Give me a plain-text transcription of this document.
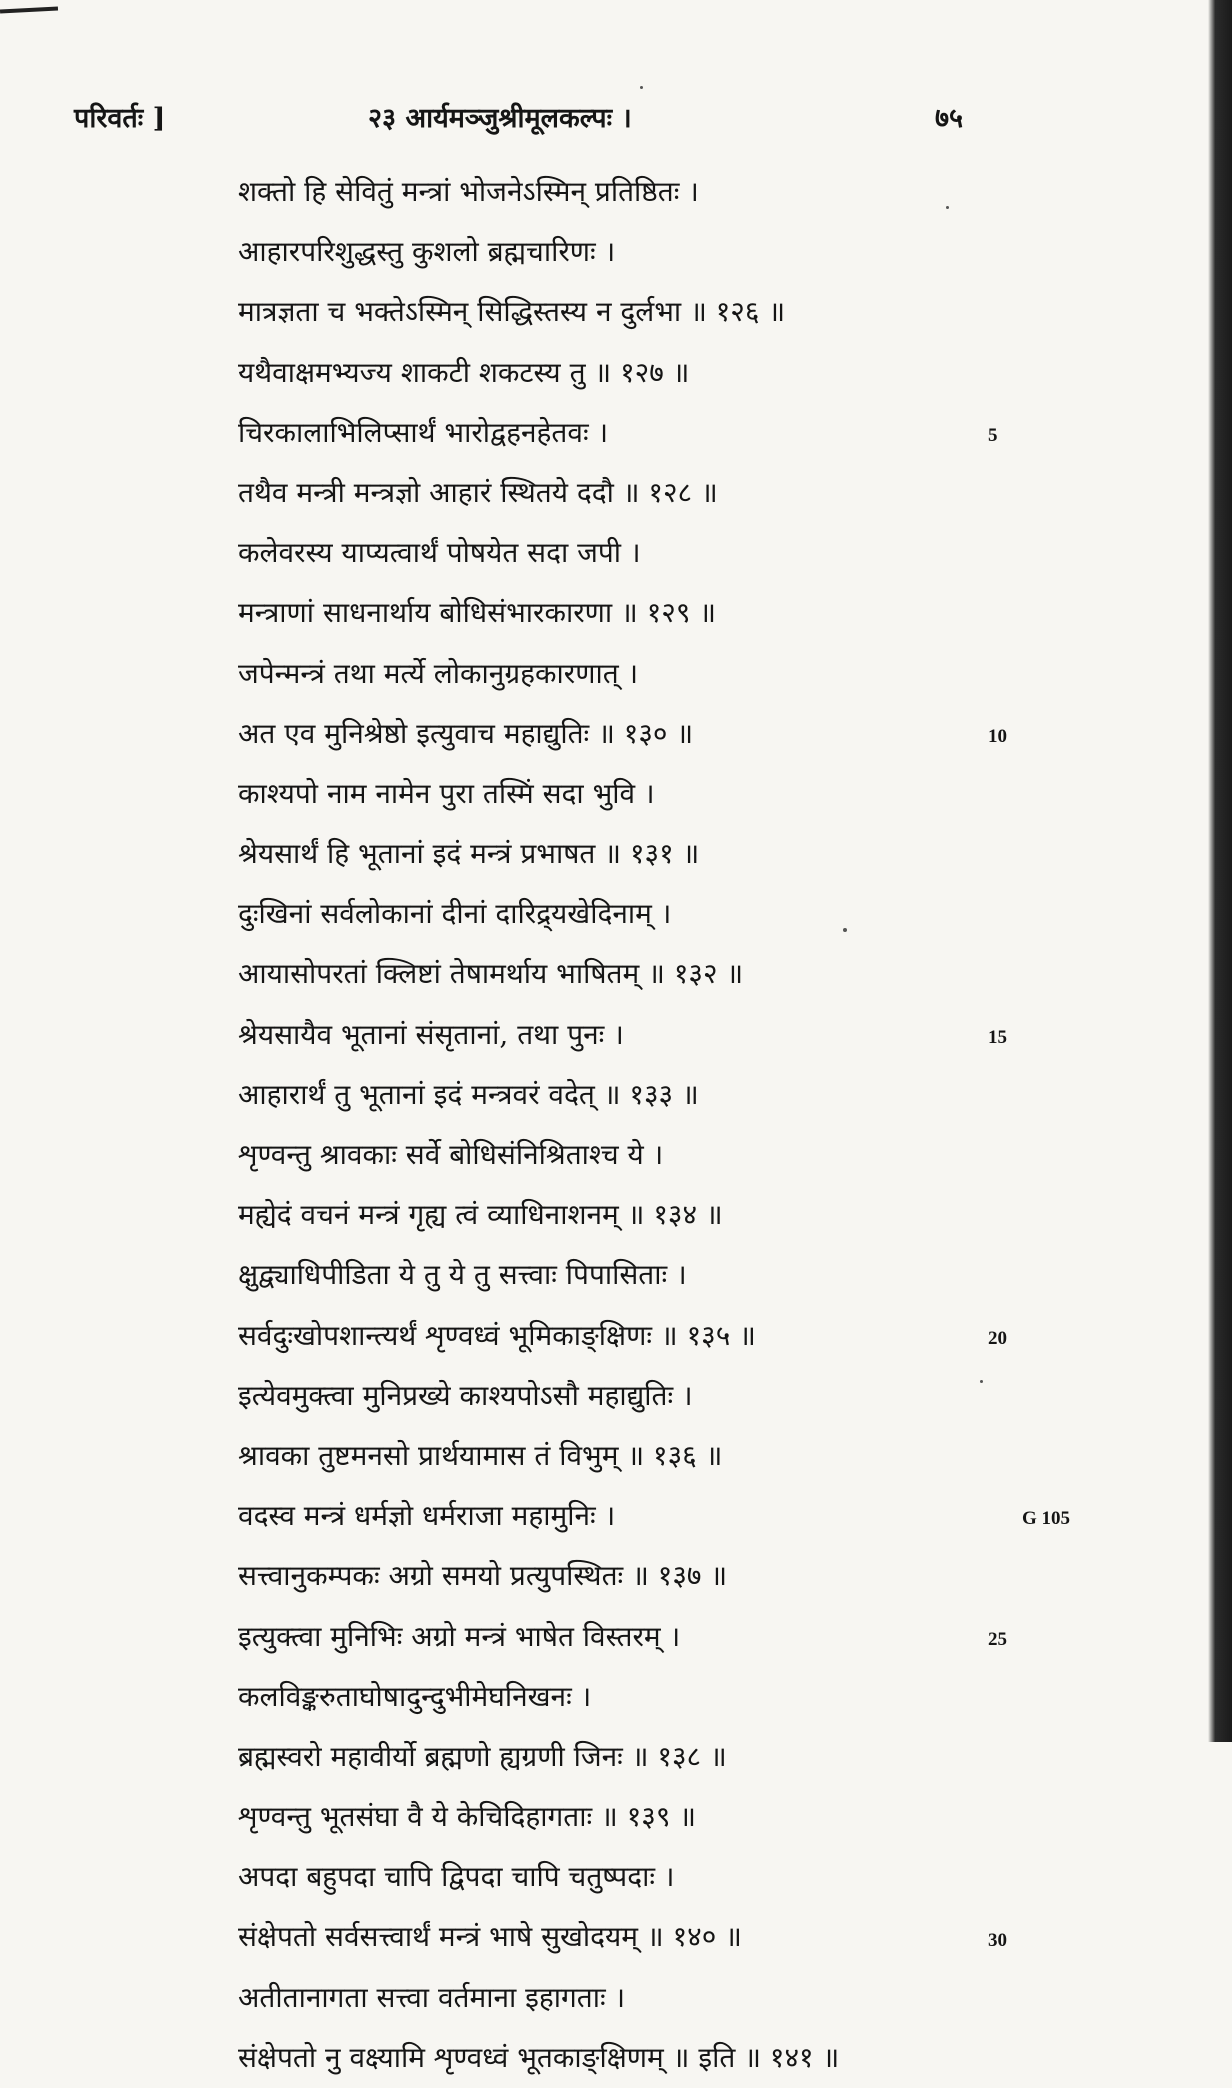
परिवर्तः ]	२३ आर्यमञ्जुश्रीमूलकल्पः ।	७५
शक्तो हि सेवितुं मन्त्रां भोजनेऽस्मिन् प्रतिष्ठितः ।
आहारपरिशुद्धस्तु कुशलो ब्रह्मचारिणः ।
मात्रज्ञता च भक्तेऽस्मिन् सिद्धिस्तस्य न दुर्लभा ॥ १२६ ॥
यथैवाक्षमभ्यज्य शाकटी शकटस्य तु ॥ १२७ ॥
चिरकालाभिलिप्सार्थं भारोद्वहनहेतवः ।
तथैव मन्त्री मन्त्रज्ञो आहारं स्थितये ददौ ॥ १२८ ॥
कलेवरस्य याप्यत्वार्थं पोषयेत सदा जपी ।
मन्त्राणां साधनार्थाय बोधिसंभारकारणा ॥ १२९ ॥
जपेन्मन्त्रं तथा मर्त्ये लोकानुग्रहकारणात् ।
अत एव मुनिश्रेष्ठो इत्युवाच महाद्युतिः ॥ १३० ॥
काश्यपो नाम नामेन पुरा तस्मिं सदा भुवि ।
श्रेयसार्थं हि भूतानां इदं मन्त्रं प्रभाषत ॥ १३१ ॥
दुःखिनां सर्वलोकानां दीनां दारिद्र्यखेदिनाम् ।
आयासोपरतां क्लिष्टां तेषामर्थाय भाषितम् ॥ १३२ ॥
श्रेयसायैव भूतानां संसृतानां, तथा पुनः ।
आहारार्थं तु भूतानां इदं मन्त्रवरं वदेत् ॥ १३३ ॥
शृण्वन्तु श्रावकाः सर्वे बोधिसंनिश्रिताश्च ये ।
मह्येदं वचनं मन्त्रं गृह्य त्वं व्याधिनाशनम् ॥ १३४ ॥
क्षुद्व्याधिपीडिता ये तु ये तु सत्त्वाः पिपासिताः ।
सर्वदुःखोपशान्त्यर्थं शृण्वध्वं भूमिकाङ्क्षिणः ॥ १३५ ॥
इत्येवमुक्त्वा मुनिप्रख्ये काश्यपोऽसौ महाद्युतिः ।
श्रावका तुष्टमनसो प्रार्थयामास तं विभुम् ॥ १३६ ॥
वदस्व मन्त्रं धर्मज्ञो धर्मराजा महामुनिः ।
सत्त्वानुकम्पकः अग्रो समयो प्रत्युपस्थितः ॥ १३७ ॥
इत्युक्त्वा मुनिभिः अग्रो मन्त्रं भाषेत विस्तरम् ।
कलविङ्करुताघोषादुन्दुभीमेघनिखनः ।
ब्रह्मस्वरो महावीर्यो ब्रह्मणो ह्यग्रणी जिनः ॥ १३८ ॥
शृण्वन्तु भूतसंघा वै ये केचिदिहागताः ॥ १३९ ॥
अपदा बहुपदा चापि द्विपदा चापि चतुष्पदाः ।
संक्षेपतो सर्वसत्त्वार्थं मन्त्रं भाषे सुखोदयम् ॥ १४० ॥
अतीतानागता सत्त्वा वर्तमाना इहागताः ।
संक्षेपतो नु वक्ष्यामि शृण्वध्वं भूतकाङ्क्षिणम् ॥ इति ॥ १४१ ॥
5
10
15
20
G 105
25
30
